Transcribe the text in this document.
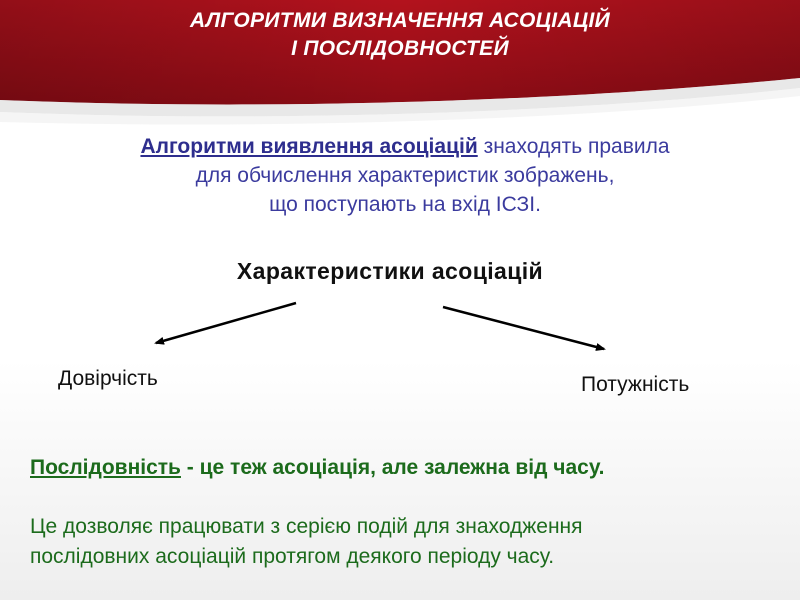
АЛГОРИТМИ ВИЗНАЧЕННЯ АСОЦІАЦІЙ
І ПОСЛІДОВНОСТЕЙ
Алгоритми виявлення асоціацій знаходять правила
для обчислення характеристик зображень,
що поступають на вхід ІСЗІ.
Характеристики асоціацій
Довірчість	Потужність
Послідовність - це теж асоціація, але залежна від часу.
Це дозволяє працювати з серією подій для знаходження
послідовних асоціацій протягом деякого періоду часу.
